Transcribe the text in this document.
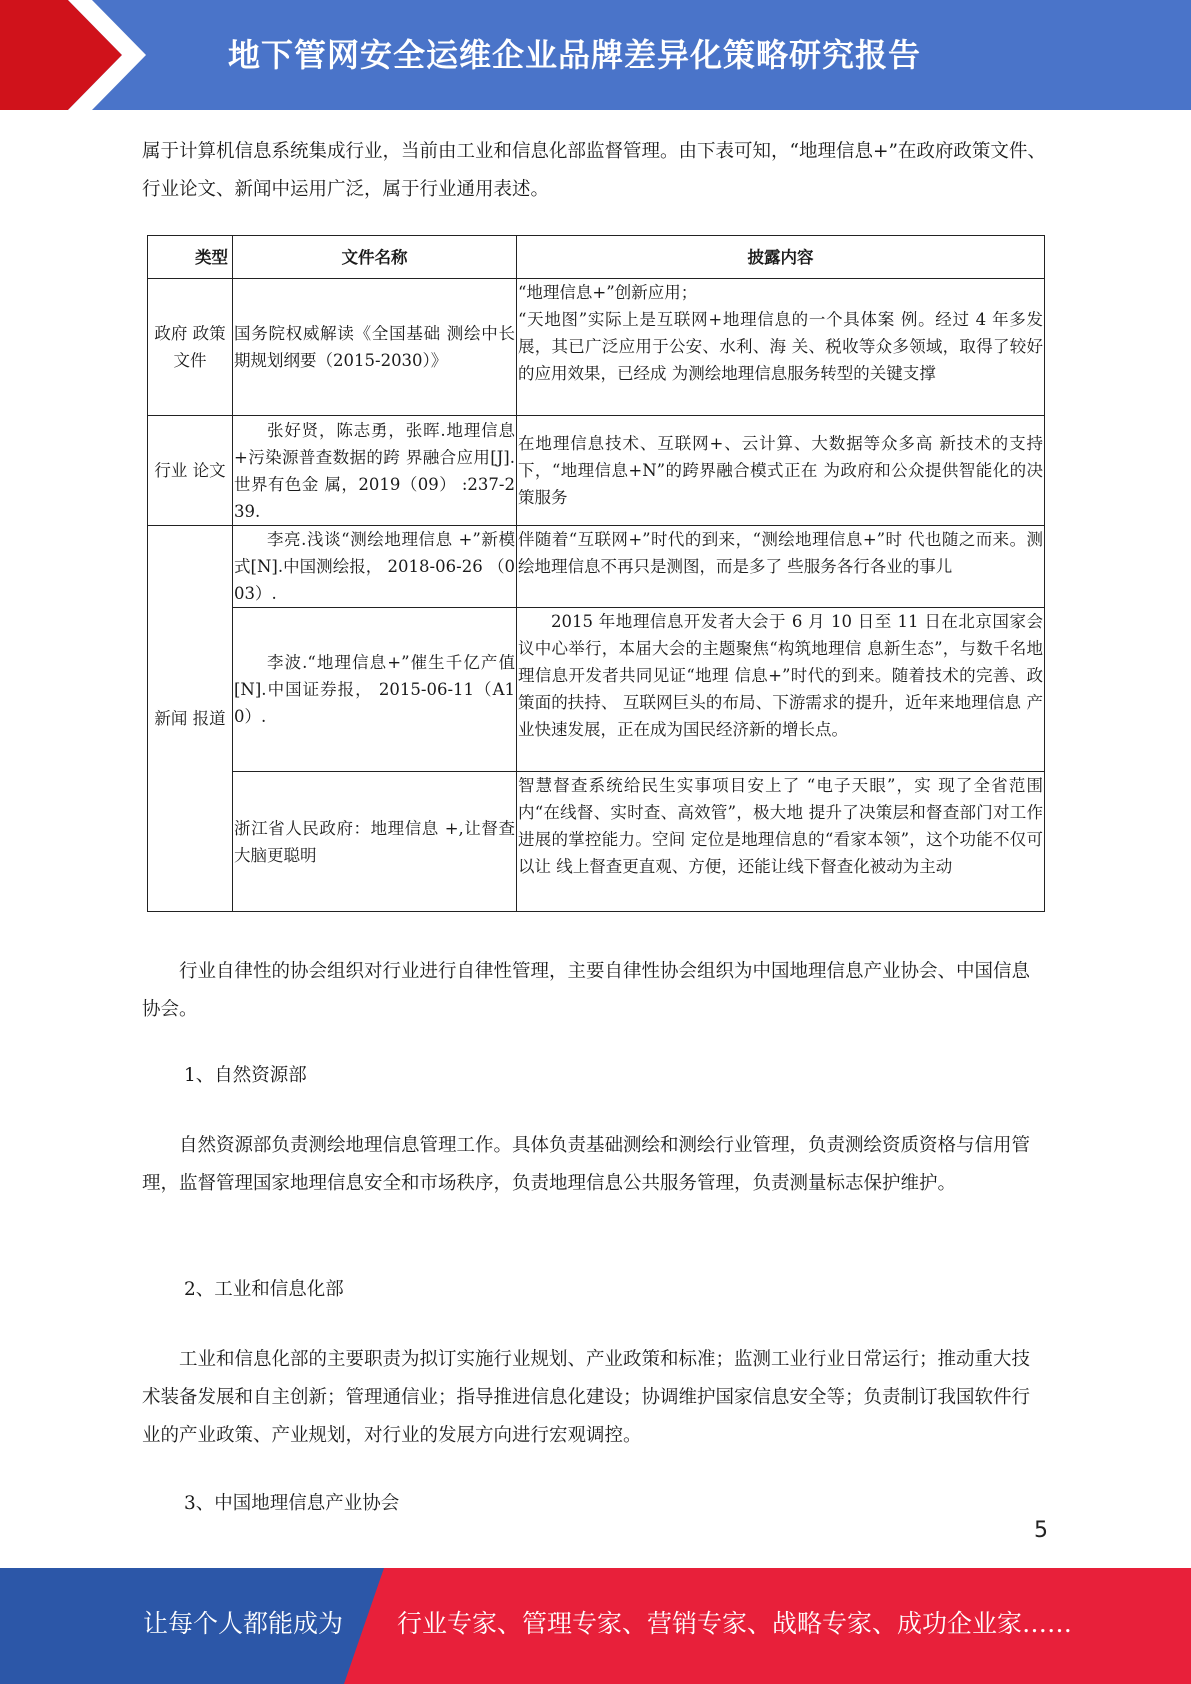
地下管网安全运维企业品牌差异化策略研究报告

属于计算机信息系统集成行业，当前由工业和信息化部监督管理。由下表可知，“地理信息+”在政府政策文件、行业论文、新闻中运用广泛，属于行业通用表述。

类型	文件名称	披露内容
政府 政策 文件	国务院权威解读《全国基础 测绘中长期规划纲要（2015-2030）》	“地理信息+”创新应用；
“天地图”实际上是互联网+地理信息的一个具体案 例。经过 4 年多发展，其已广泛应用于公安、水利、海 关、税收等众多领域，取得了较好的应用效果，已经成 为测绘地理信息服务转型的关键支撑

行业 论文	张好贤，陈志勇，张晖.地理信息+污染源普查数据的跨 界融合应用[J].世界有色金 属，2019（09） :237-239.	在地理信息技术、互联网+、云计算、大数据等众多高 新技术的支持下，“地理信息+N”的跨界融合模式正在 为政府和公众提供智能化的决策服务
新闻 报道	李亮.浅谈“测绘地理信息 +”新模式[N].中国测绘报， 2018-06-26 （003）.	伴随着“互联网+”时代的到来，“测绘地理信息+”时 代也随之而来。测绘地理信息不再只是测图，而是多了 些服务各行各业的事儿
	李波.“地理信息+”催生千亿产值[N].中国证券报， 2015-06-11（A10）.	2015 年地理信息开发者大会于 6 月 10 日至 11 日在北京国家会议中心举行，本届大会的主题聚焦“构筑地理信 息新生态”，与数千名地理信息开发者共同见证“地理 信息+”时代的到来。随着技术的完善、政策面的扶持、 互联网巨头的布局、下游需求的提升，近年来地理信息 产业快速发展，正在成为国民经济新的增长点。
	浙江省人民政府：地理信息 +,让督查大脑更聪明	智慧督查系统给民生实事项目安上了 “电子天眼”，实 现了全省范围内“在线督、实时查、高效管”，极大地 提升了决策层和督查部门对工作进展的掌控能力。空间 定位是地理信息的“看家本领”，这个功能不仅可以让 线上督查更直观、方便，还能让线下督查化被动为主动

行业自律性的协会组织对行业进行自律性管理，主要自律性协会组织为中国地理信息产业协会、中国信息协会。

1、自然资源部

自然资源部负责测绘地理信息管理工作。具体负责基础测绘和测绘行业管理，负责测绘资质资格与信用管理，监督管理国家地理信息安全和市场秩序，负责地理信息公共服务管理，负责测量标志保护维护。

2、工业和信息化部

工业和信息化部的主要职责为拟订实施行业规划、产业政策和标准；监测工业行业日常运行；推动重大技术装备发展和自主创新；管理通信业；指导推进信息化建设；协调维护国家信息安全等；负责制订我国软件行业的产业政策、产业规划，对行业的发展方向进行宏观调控。

3、中国地理信息产业协会

5
让每个人都能成为 行业专家、管理专家、营销专家、战略专家、成功企业家……
